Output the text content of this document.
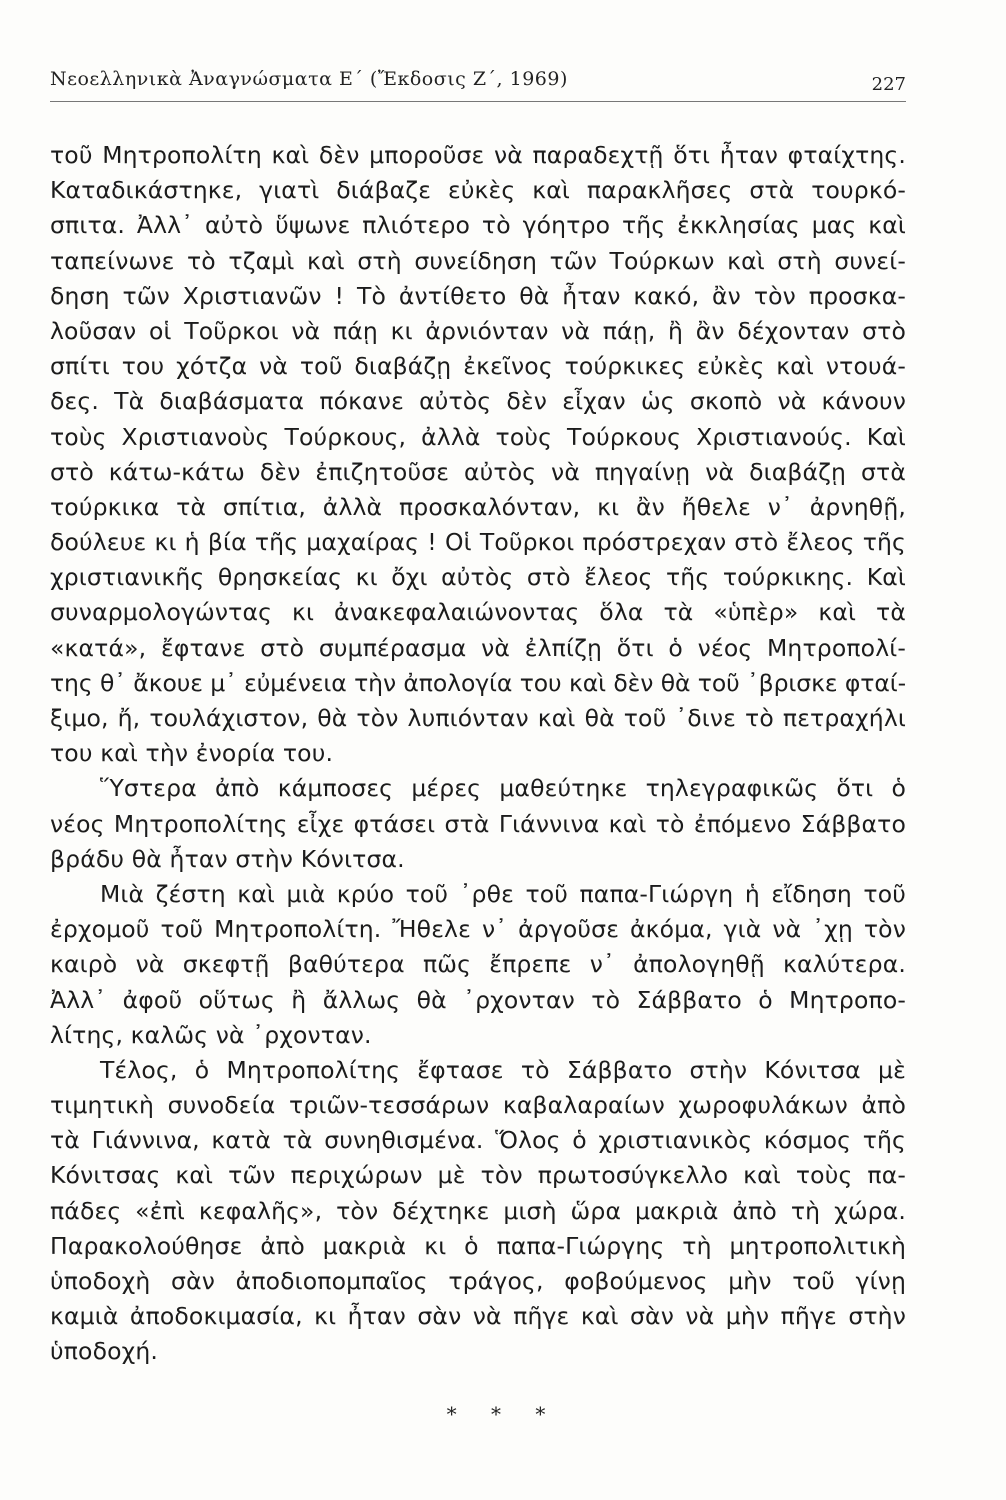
Νεοελληνικὰ Ἀναγνώσματα Ε΄ (Ἔκδοσις Ζ΄, 1969)	227
τοῦ Μητροπολίτη καὶ δὲν μποροῦσε νὰ παραδεχτῇ ὅτι ἦταν φταίχτης.
Καταδικάστηκε, γιατὶ διάβαζε εὐκὲς καὶ παρακλῆσες στὰ τουρκό-
σπιτα. Ἀλλ᾽ αὐτὸ ὕψωνε πλιότερο τὸ γόητρο τῆς ἐκκλησίας μας καὶ
ταπείνωνε τὸ τζαμὶ καὶ στὴ συνείδηση τῶν Τούρκων καὶ στὴ συνεί-
δηση τῶν Χριστιανῶν ! Τὸ ἀντίθετο θὰ ἦταν κακό, ἂν τὸν προσκα-
λοῦσαν οἱ Τοῦρκοι νὰ πάῃ κι ἀρνιόνταν νὰ πάῃ, ἢ ἂν δέχονταν στὸ
σπίτι του χότζα νὰ τοῦ διαβάζῃ ἐκεῖνος τούρκικες εὐκὲς καὶ ντουά-
δες. Τὰ διαβάσματα πόκανε αὐτὸς δὲν εἶχαν ὡς σκοπὸ νὰ κάνουν
τοὺς Χριστιανοὺς Τούρκους, ἀλλὰ τοὺς Τούρκους Χριστιανούς. Καὶ
στὸ κάτω-κάτω δὲν ἐπιζητοῦσε αὐτὸς νὰ πηγαίνῃ νὰ διαβάζῃ στὰ
τούρκικα τὰ σπίτια, ἀλλὰ προσκαλόνταν, κι ἂν ἤθελε ν᾽ ἀρνηθῇ,
δούλευε κι ἡ βία τῆς μαχαίρας ! Οἱ Τοῦρκοι πρόστρεχαν στὸ ἔλεος τῆς
χριστιανικῆς θρησκείας κι ὄχι αὐτὸς στὸ ἔλεος τῆς τούρκικης. Καὶ
συναρμολογώντας κι ἀνακεφαλαιώνοντας ὅλα τὰ «ὑπὲρ» καὶ τὰ
«κατά», ἔφτανε στὸ συμπέρασμα νὰ ἐλπίζῃ ὅτι ὁ νέος Μητροπολί-
της θ᾽ ἄκουε μ᾽ εὐμένεια τὴν ἀπολογία του καὶ δὲν θὰ τοῦ ᾽βρισκε φταί-
ξιμο, ἤ, τουλάχιστον, θὰ τὸν λυπιόνταν καὶ θὰ τοῦ ᾽δινε τὸ πετραχήλι
του καὶ τὴν ἐνορία του.
Ὕστερα ἀπὸ κάμποσες μέρες μαθεύτηκε τηλεγραφικῶς ὅτι ὁ
νέος Μητροπολίτης εἶχε φτάσει στὰ Γιάννινα καὶ τὸ ἐπόμενο Σάββατο
βράδυ θὰ ἦταν στὴν Κόνιτσα.
Μιὰ ζέστη καὶ μιὰ κρύο τοῦ ᾽ρθε τοῦ παπα-Γιώργη ἡ εἴδηση τοῦ
ἐρχομοῦ τοῦ Μητροπολίτη. Ἤθελε ν᾽ ἀργοῦσε ἀκόμα, γιὰ νὰ ᾽χῃ τὸν
καιρὸ νὰ σκεφτῇ βαθύτερα πῶς ἔπρεπε ν᾽ ἀπολογηθῇ καλύτερα.
Ἀλλ᾽ ἀφοῦ οὕτως ἢ ἄλλως θὰ ᾽ρχονταν τὸ Σάββατο ὁ Μητροπο-
λίτης, καλῶς νὰ ᾽ρχονταν.
Τέλος, ὁ Μητροπολίτης ἔφτασε τὸ Σάββατο στὴν Κόνιτσα μὲ
τιμητικὴ συνοδεία τριῶν-τεσσάρων καβαλαραίων χωροφυλάκων ἀπὸ
τὰ Γιάννινα, κατὰ τὰ συνηθισμένα. Ὅλος ὁ χριστιανικὸς κόσμος τῆς
Κόνιτσας καὶ τῶν περιχώρων μὲ τὸν πρωτοσύγκελλο καὶ τοὺς πα-
πάδες «ἐπὶ κεφαλῆς», τὸν δέχτηκε μισὴ ὥρα μακριὰ ἀπὸ τὴ χώρα.
Παρακολούθησε ἀπὸ μακριὰ κι ὁ παπα-Γιώργης τὴ μητροπολιτικὴ
ὑποδοχὴ σὰν ἀποδιοπομπαῖος τράγος, φοβούμενος μὴν τοῦ γίνῃ
καμιὰ ἀποδοκιμασία, κι ἦταν σὰν νὰ πῆγε καὶ σὰν νὰ μὴν πῆγε στὴν
ὑποδοχή.
* * *
